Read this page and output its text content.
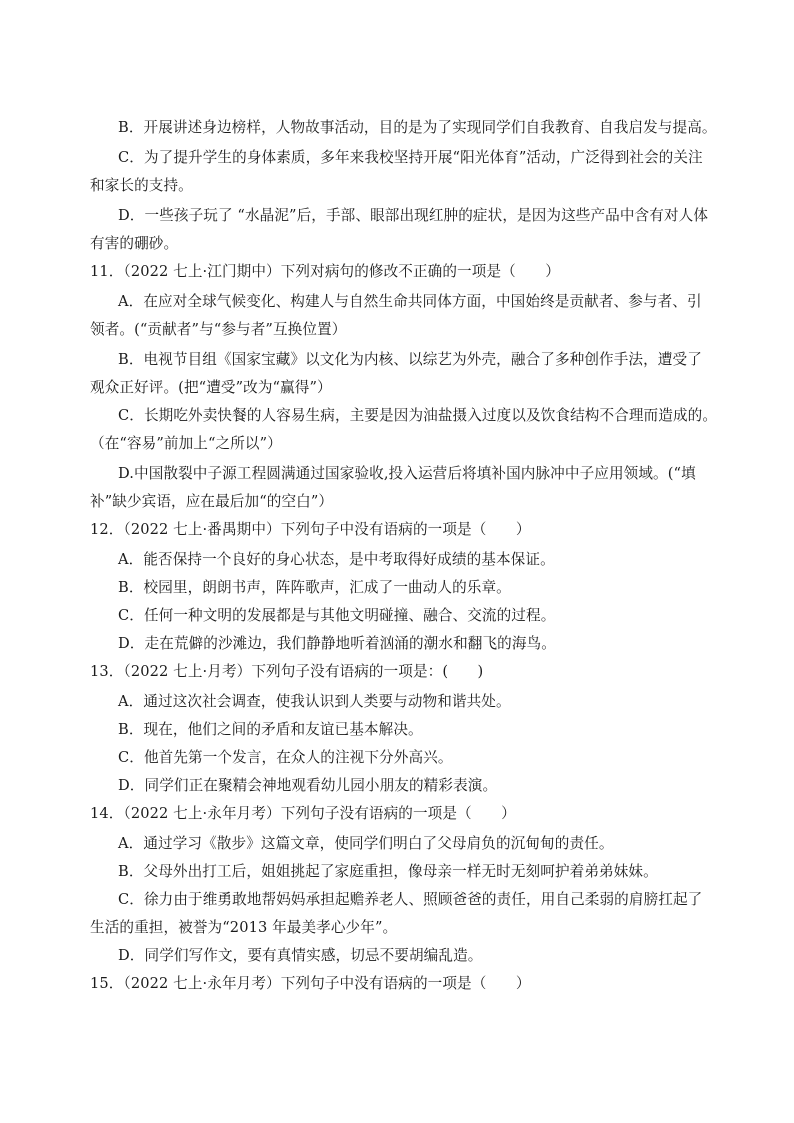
B．开展讲述身边榜样，人物故事活动，目的是为了实现同学们自我教育、自我启发与提高。
C．为了提升学生的身体素质，多年来我校坚持开展“阳光体育”活动，广泛得到社会的关注
和家长的支持。
D．一些孩子玩了 “水晶泥”后，手部、眼部出现红肿的症状，是因为这些产品中含有对人体
有害的硼砂。
11．（2022 七上·江门期中）下列对病句的修改不正确的一项是（　　）
A．在应对全球气候变化、构建人与自然生命共同体方面，中国始终是贡献者、参与者、引
领者。(“贡献者”与“参与者”互换位置）
B．电视节目组《国家宝藏》以文化为内核、以综艺为外壳，融合了多种创作手法，遭受了
观众正好评。(把“遭受”改为“赢得”）
C．长期吃外卖快餐的人容易生病，主要是因为油盐摄入过度以及饮食结构不合理而造成的。
（在“容易”前加上“之所以”）
D.中国散裂中子源工程圆满通过国家验收,投入运营后将填补国内脉冲中子应用领域。(“填
补”缺少宾语，应在最后加“的空白”）
12．（2022 七上·番禺期中）下列句子中没有语病的一项是（　　）
A．能否保持一个良好的身心状态，是中考取得好成绩的基本保证。
B．校园里，朗朗书声，阵阵歌声，汇成了一曲动人的乐章。
C．任何一种文明的发展都是与其他文明碰撞、融合、交流的过程。
D．走在荒僻的沙滩边，我们静静地听着汹涌的潮水和翻飞的海鸟。
13．（2022 七上·月考）下列句子没有语病的一项是：(　　)
A．通过这次社会调查，使我认识到人类要与动物和谐共处。
B．现在，他们之间的矛盾和友谊已基本解决。
C．他首先第一个发言，在众人的注视下分外高兴。
D．同学们正在聚精会神地观看幼儿园小朋友的精彩表演。
14．（2022 七上·永年月考）下列句子没有语病的一项是（　　）
A．通过学习《散步》这篇文章，使同学们明白了父母肩负的沉甸甸的责任。
B．父母外出打工后，姐姐挑起了家庭重担，像母亲一样无时无刻呵护着弟弟妹妹。
C．徐力由于维勇敢地帮妈妈承担起赡养老人、照顾爸爸的责任，用自己柔弱的肩膀扛起了
生活的重担，被誉为“2013 年最美孝心少年”。
D．同学们写作文，要有真情实感，切忌不要胡编乱造。
15．（2022 七上·永年月考）下列句子中没有语病的一项是（　　）
